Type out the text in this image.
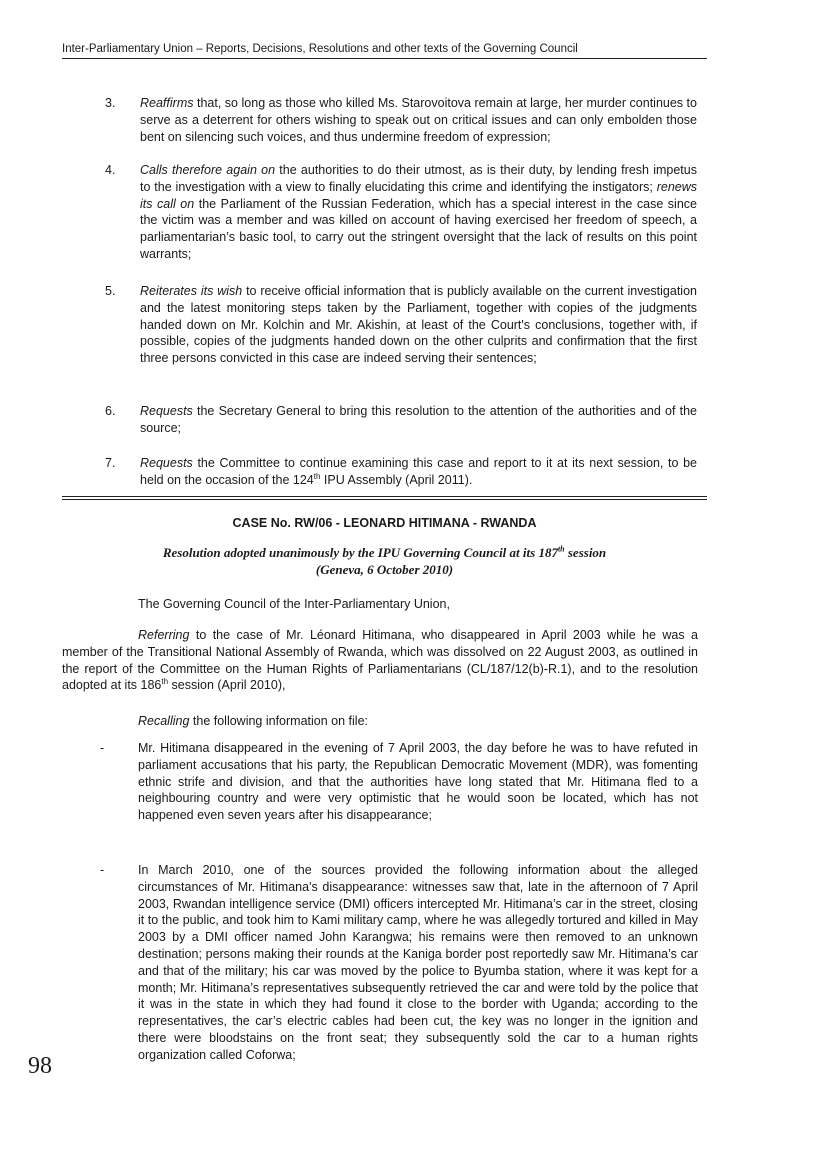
Inter-Parliamentary Union – Reports, Decisions, Resolutions and other texts of the Governing Council
3. Reaffirms that, so long as those who killed Ms. Starovoitova remain at large, her murder continues to serve as a deterrent for others wishing to speak out on critical issues and can only embolden those bent on silencing such voices, and thus undermine freedom of expression;
4. Calls therefore again on the authorities to do their utmost, as is their duty, by lending fresh impetus to the investigation with a view to finally elucidating this crime and identifying the instigators; renews its call on the Parliament of the Russian Federation, which has a special interest in the case since the victim was a member and was killed on account of having exercised her freedom of speech, a parliamentarian’s basic tool, to carry out the stringent oversight that the lack of results on this point warrants;
5. Reiterates its wish to receive official information that is publicly available on the current investigation and the latest monitoring steps taken by the Parliament, together with copies of the judgments handed down on Mr. Kolchin and Mr. Akishin, at least of the Court's conclusions, together with, if possible, copies of the judgments handed down on the other culprits and confirmation that the first three persons convicted in this case are indeed serving their sentences;
6. Requests the Secretary General to bring this resolution to the attention of the authorities and of the source;
7. Requests the Committee to continue examining this case and report to it at its next session, to be held on the occasion of the 124th IPU Assembly (April 2011).
CASE No. RW/06 - LEONARD HITIMANA - RWANDA
Resolution adopted unanimously by the IPU Governing Council at its 187th session
(Geneva, 6 October 2010)
The Governing Council of the Inter-Parliamentary Union,
Referring to the case of Mr. Léonard Hitimana, who disappeared in April 2003 while he was a member of the Transitional National Assembly of Rwanda, which was dissolved on 22 August 2003, as outlined in the report of the Committee on the Human Rights of Parliamentarians (CL/187/12(b)-R.1), and to the resolution adopted at its 186th session (April 2010),
Recalling the following information on file:
-	Mr. Hitimana disappeared in the evening of 7 April 2003, the day before he was to have refuted in parliament accusations that his party, the Republican Democratic Movement (MDR), was fomenting ethnic strife and division, and that the authorities have long stated that Mr. Hitimana fled to a neighbouring country and were very optimistic that he would soon be located, which has not happened even seven years after his disappearance;
-	In March 2010, one of the sources provided the following information about the alleged circumstances of Mr. Hitimana's disappearance: witnesses saw that, late in the afternoon of 7 April 2003, Rwandan intelligence service (DMI) officers intercepted Mr. Hitimana’s car in the street, closing it to the public, and took him to Kami military camp, where he was allegedly tortured and killed in May 2003 by a DMI officer named John Karangwa; his remains were then removed to an unknown destination; persons making their rounds at the Kaniga border post reportedly saw Mr. Hitimana’s car and that of the military; his car was moved by the police to Byumba station, where it was kept for a month; Mr. Hitimana’s representatives subsequently retrieved the car and were told by the police that it was in the state in which they had found it close to the border with Uganda; according to the representatives, the car’s electric cables had been cut, the key was no longer in the ignition and there were bloodstains on the front seat; they subsequently sold the car to a human rights organization called Coforwa;
98
